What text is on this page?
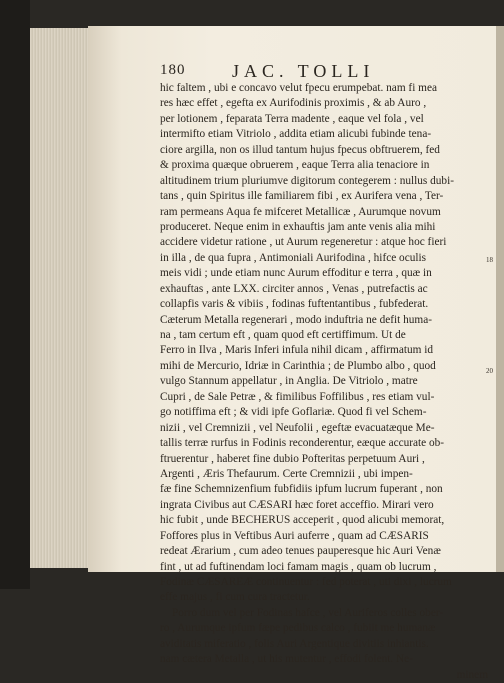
180	JAC. TOLLI
hic faltem , ubi e concavo velut fpecu erumpebat. nam fi mea
res hæc effet , egefta ex Aurifodinis proximis , & ab Auro ,
per lotionem , feparata Terra madente , eaque vel fola , vel
intermifto etiam Vitriolo , addita etiam alicubi fubinde tena-
ciore argilla, non os illud tantum hujus fpecus obftruerem, fed
& proxima quæque obruerem , eaque Terra alia tenaciore in
altitudinem trium pluriumve digitorum contegerem : nullus dubi-
tans , quin Spiritus ille familiarem fibi , ex Aurifera vena , Ter-
ram permeans Aqua fe mifceret Metallicæ , Aurumque novum
produceret. Neque enim in exhauftis jam ante venis alia mihi
accidere videtur ratione , ut Aurum regeneretur : atque hoc fieri
in illa , de qua fupra , Antimoniali Aurifodina , hifce oculis
meis vidi ; unde etiam nunc Aurum effoditur e terra , quæ in
exhauftas , ante LXX. circiter annos , Venas , putrefactis ac
collapfis varis & vibiis , fodinas fuftentantibus , fubfederat.
Cæterum Metalla regenerari , modo induftria ne defit huma-
na , tam certum eft , quam quod eft certiffimum. Ut de
Ferro in Ilva , Maris Inferi infula nihil dicam , affirmatum id
mihi de Mercurio, Idriæ in Carinthia ; de Plumbo albo , quod
vulgo Stannum appellatur , in Anglia. De Vitriolo , matre
Cupri , de Sale Petræ , & fimilibus Foffilibus , res etiam vul-
go notiffima eft ; & vidi ipfe Goflariæ. Quod fi vel Schem-
nizii , vel Cremnizii , vel Neufolii , egeftæ evacuatæque Me-
tallis terræ rurfus in Fodinis reconderentur, eæque accurate ob-
ftruerentur , haberet fine dubio Pofteritas perpetuum Auri ,
Argenti , Æris Thefaurum. Certe Cremnizii , ubi impen-
fæ fine Schemnizenfium fubfidiis ipfum lucrum fuperant , non
ingrata Civibus aut CÆSARI hæc foret acceffio. Mirari vero
hic fubit , unde BECHERUS acceperit , quod alicubi memorat,
Foffores plus in Veftibus Auri auferre , quam ad CÆSARIS
redeat Ærarium , cum adeo tenues pauperesque hic Auri Venæ
fint , ut ad fuftinendam loci famam magis , quam ob lucrum ,
Fodinæ CÆSAREÆ continuentur : fed poterat , uti dixi , lucrum
effe majus , fi cum cura tractetur.
Porro dum vel per Fodinas hafce , vel Auriferos colles ober-
ro , Aurumque ipfum fæpe pedibus calco , fubiit me humanæ
aviditatis miferatio , folis Auri Argentique divitiis inhiantis.
nam cætera Metalla , ut his mutentur , effodi folent. Ne-
minem
18
20
